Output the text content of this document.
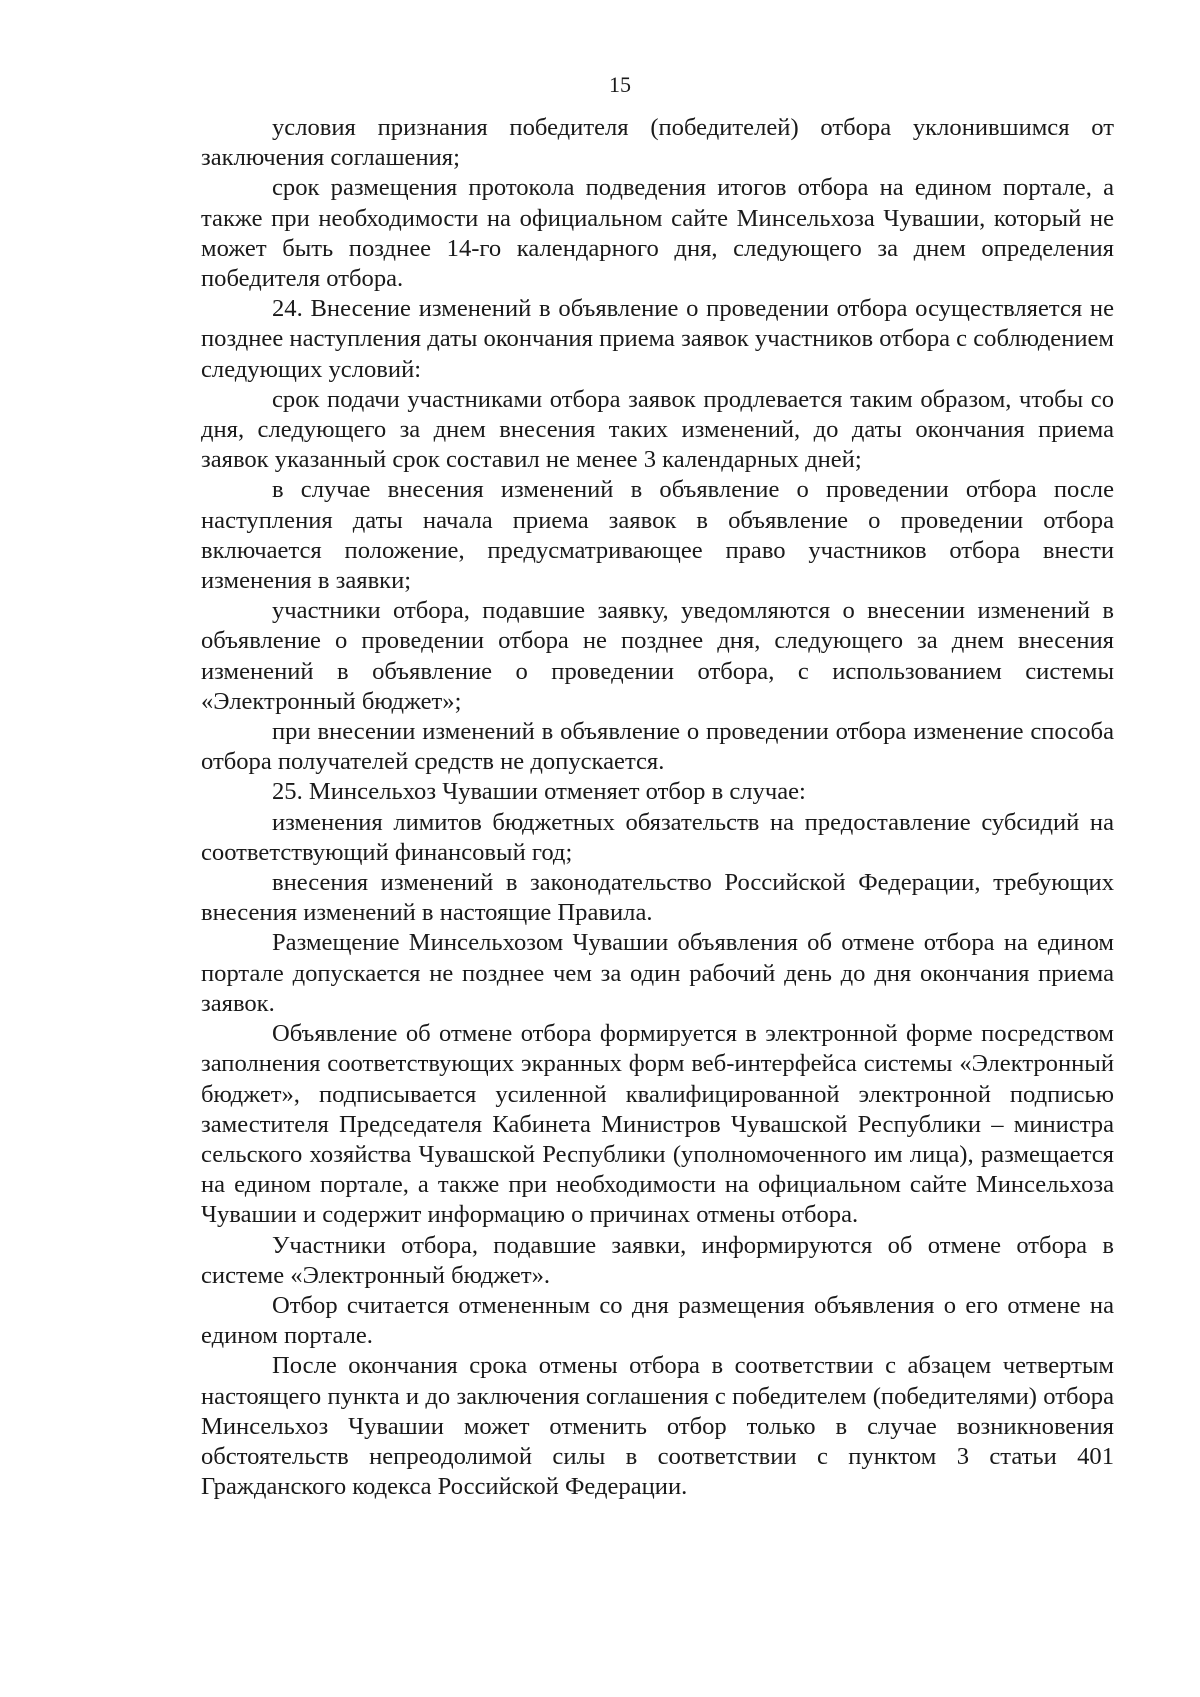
15

условия признания победителя (победителей) отбора уклонившимся от заключения соглашения;

срок размещения протокола подведения итогов отбора на едином портале, а также при необходимости на официальном сайте Минсельхоза Чувашии, который не может быть позднее 14-го календарного дня, следующего за днем определения победителя отбора.

24. Внесение изменений в объявление о проведении отбора осуществляется не позднее наступления даты окончания приема заявок участников отбора с соблюдением следующих условий:

срок подачи участниками отбора заявок продлевается таким образом, чтобы со дня, следующего за днем внесения таких изменений, до даты окончания приема заявок указанный срок составил не менее 3 календарных дней;

в случае внесения изменений в объявление о проведении отбора после наступления даты начала приема заявок в объявление о проведении отбора включается положение, предусматривающее право участников отбора внести изменения в заявки;

участники отбора, подавшие заявку, уведомляются о внесении изменений в объявление о проведении отбора не позднее дня, следующего за днем внесения изменений в объявление о проведении отбора, с использованием системы «Электронный бюджет»;

при внесении изменений в объявление о проведении отбора изменение способа отбора получателей средств не допускается.

25. Минсельхоз Чувашии отменяет отбор в случае:

изменения лимитов бюджетных обязательств на предоставление субсидий на соответствующий финансовый год;

внесения изменений в законодательство Российской Федерации, требующих внесения изменений в настоящие Правила.

Размещение Минсельхозом Чувашии объявления об отмене отбора на едином портале допускается не позднее чем за один рабочий день до дня окончания приема заявок.

Объявление об отмене отбора формируется в электронной форме посредством заполнения соответствующих экранных форм веб-интерфейса системы «Электронный бюджет», подписывается усиленной квалифицированной электронной подписью заместителя Председателя Кабинета Министров Чувашской Республики – министра сельского хозяйства Чувашской Республики (уполномоченного им лица), размещается на едином портале, а также при необходимости на официальном сайте Минсельхоза Чувашии и содержит информацию о причинах отмены отбора.

Участники отбора, подавшие заявки, информируются об отмене отбора в системе «Электронный бюджет».

Отбор считается отмененным со дня размещения объявления о его отмене на едином портале.

После окончания срока отмены отбора в соответствии с абзацем четвертым настоящего пункта и до заключения соглашения с победителем (победителями) отбора Минсельхоз Чувашии может отменить отбор только в случае возникновения обстоятельств непреодолимой силы в соответствии с пунктом 3 статьи 401 Гражданского кодекса Российской Федерации.
